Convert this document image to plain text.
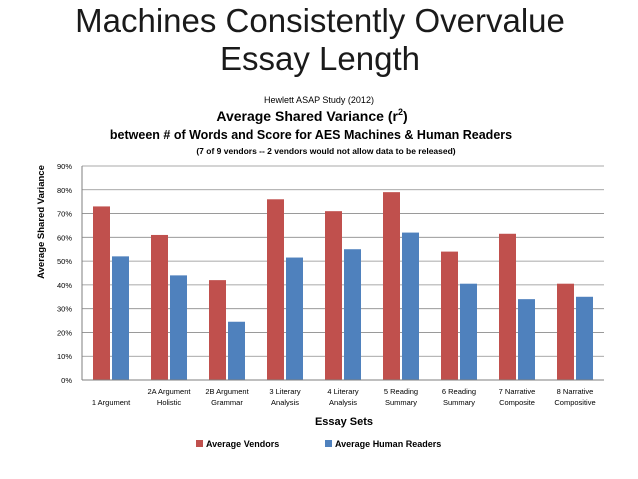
Machines Consistently Overvalue
Essay Length
Hewlett ASAP Study (2012)
Average Shared Variance $(r^2)$
between # of Words and Score for AES Machines & Human Readers
(7 of 9 vendors -- 2 vendors would not allow data to be released)
Average Shared Variance
0%
10%
20%
30%
40%
50%
60%
70%
80%
90%
1 Argument
2A Argument
Holistic
2B Argument
Grammar
3 Literary
Analysis
4 Literary
Analysis
5 Reading
Summary
6 Reading
Summary
7 Narrative
Composite
8 Narrative
Compositive
Essay Sets
Average Vendors	Average Human Readers
